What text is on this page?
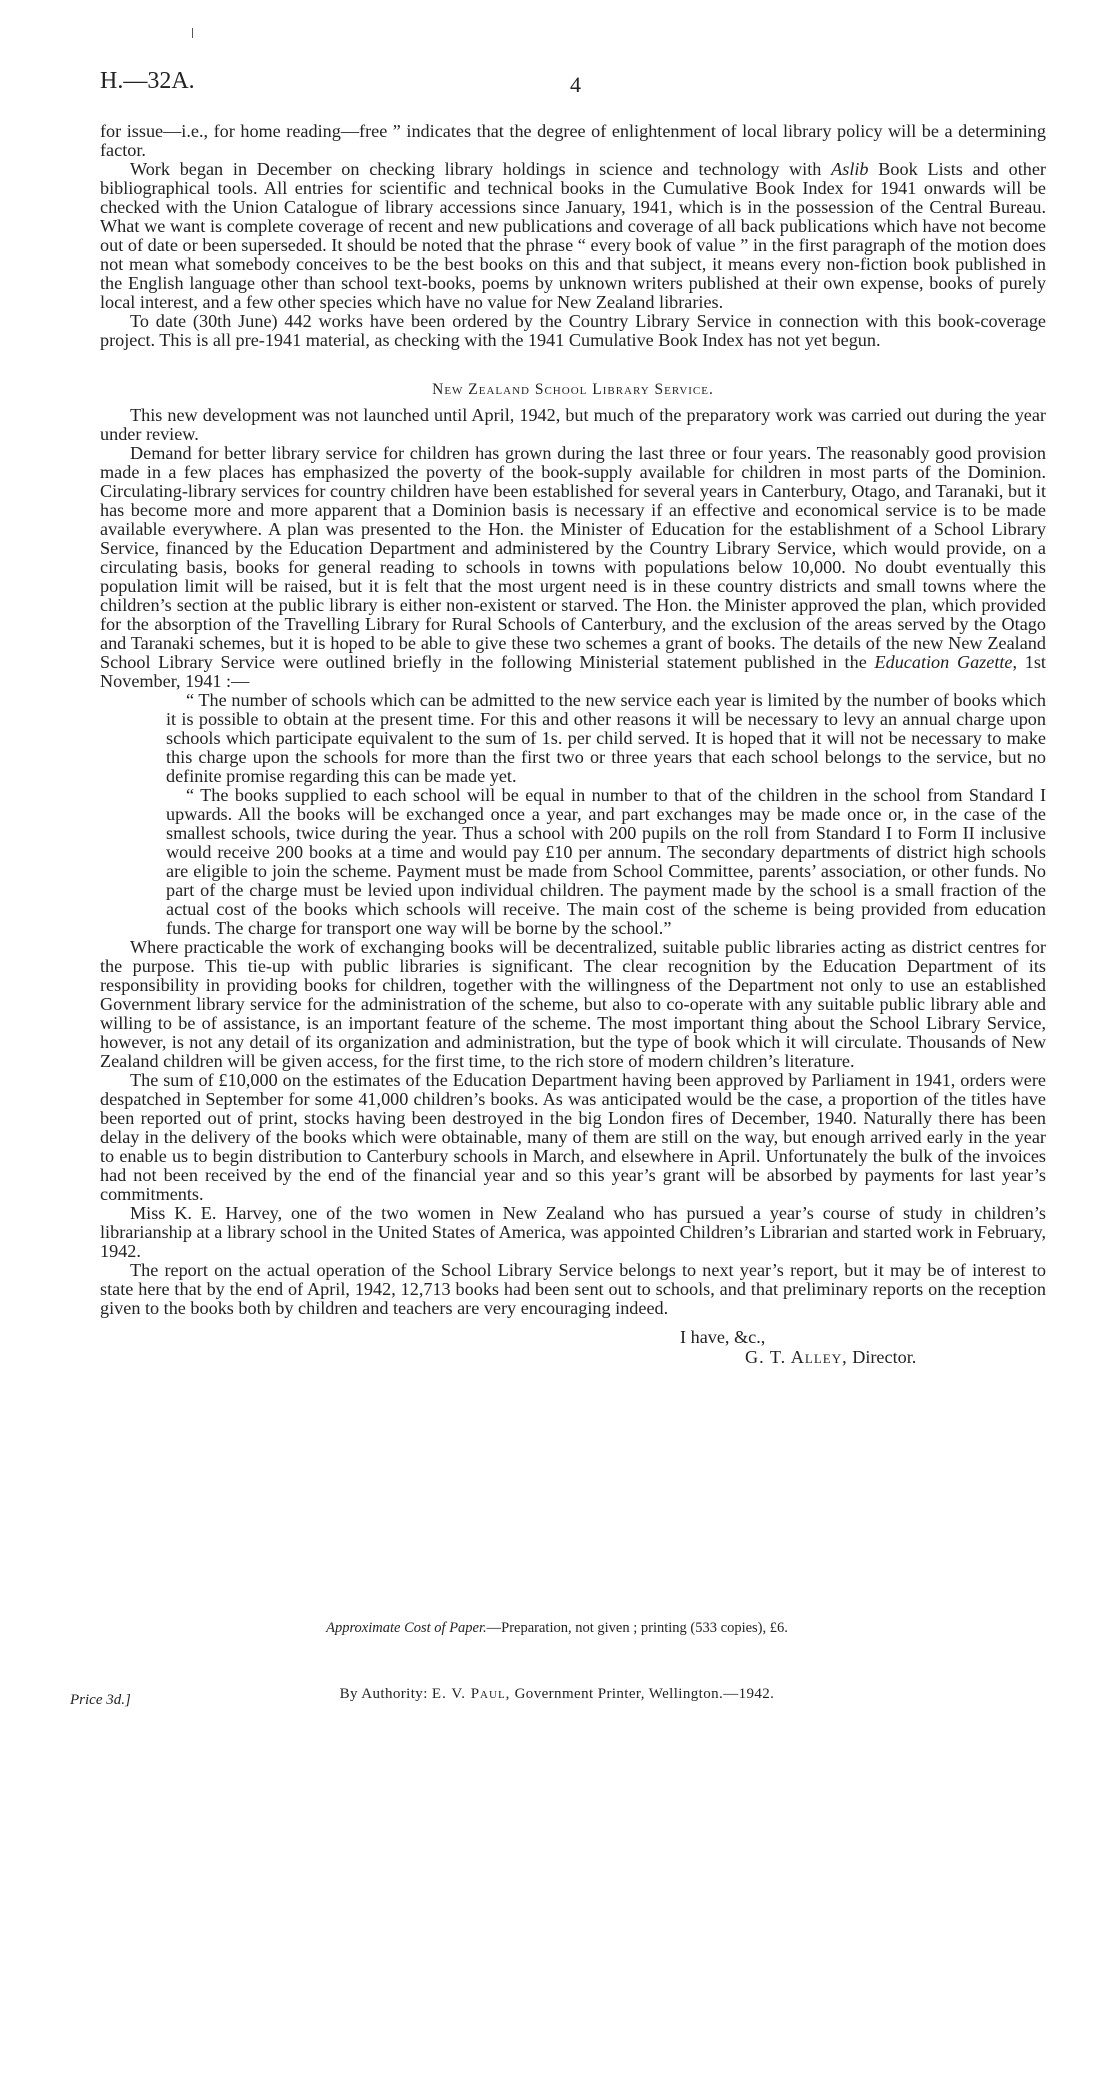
H.—32A.	4

for issue—i.e., for home reading—free ” indicates that the degree of enlightenment of local library policy will be a determining factor.

Work began in December on checking library holdings in science and technology with Aslib Book Lists and other bibliographical tools. All entries for scientific and technical books in the Cumulative Book Index for 1941 onwards will be checked with the Union Catalogue of library accessions since January, 1941, which is in the possession of the Central Bureau. What we want is complete coverage of recent and new publications and coverage of all back publications which have not become out of date or been superseded. It should be noted that the phrase “ every book of value ” in the first paragraph of the motion does not mean what somebody conceives to be the best books on this and that subject, it means every non-fiction book published in the English language other than school text-books, poems by unknown writers published at their own expense, books of purely local interest, and a few other species which have no value for New Zealand libraries.

To date (30th June) 442 works have been ordered by the Country Library Service in connection with this book-coverage project. This is all pre-1941 material, as checking with the 1941 Cumulative Book Index has not yet begun.

New Zealand School Library Service.

This new development was not launched until April, 1942, but much of the preparatory work was carried out during the year under review.

Demand for better library service for children has grown during the last three or four years. The reasonably good provision made in a few places has emphasized the poverty of the book-supply available for children in most parts of the Dominion. Circulating-library services for country children have been established for several years in Canterbury, Otago, and Taranaki, but it has become more and more apparent that a Dominion basis is necessary if an effective and economical service is to be made available everywhere. A plan was presented to the Hon. the Minister of Education for the establishment of a School Library Service, financed by the Education Department and administered by the Country Library Service, which would provide, on a circulating basis, books for general reading to schools in towns with populations below 10,000. No doubt eventually this population limit will be raised, but it is felt that the most urgent need is in these country districts and small towns where the children’s section at the public library is either non-existent or starved. The Hon. the Minister approved the plan, which provided for the absorption of the Travelling Library for Rural Schools of Canterbury, and the exclusion of the areas served by the Otago and Taranaki schemes, but it is hoped to be able to give these two schemes a grant of books. The details of the new New Zealand School Library Service were outlined briefly in the following Ministerial statement published in the Education Gazette, 1st November, 1941 :—

“ The number of schools which can be admitted to the new service each year is limited by the number of books which it is possible to obtain at the present time. For this and other reasons it will be necessary to levy an annual charge upon schools which participate equivalent to the sum of 1s. per child served. It is hoped that it will not be necessary to make this charge upon the schools for more than the first two or three years that each school belongs to the service, but no definite promise regarding this can be made yet.

“ The books supplied to each school will be equal in number to that of the children in the school from Standard I upwards. All the books will be exchanged once a year, and part exchanges may be made once or, in the case of the smallest schools, twice during the year. Thus a school with 200 pupils on the roll from Standard I to Form II inclusive would receive 200 books at a time and would pay £10 per annum. The secondary departments of district high schools are eligible to join the scheme. Payment must be made from School Committee, parents’ association, or other funds. No part of the charge must be levied upon individual children. The payment made by the school is a small fraction of the actual cost of the books which schools will receive. The main cost of the scheme is being provided from education funds. The charge for transport one way will be borne by the school.”

Where practicable the work of exchanging books will be decentralized, suitable public libraries acting as district centres for the purpose. This tie-up with public libraries is significant. The clear recognition by the Education Department of its responsibility in providing books for children, together with the willingness of the Department not only to use an established Government library service for the administration of the scheme, but also to co-operate with any suitable public library able and willing to be of assistance, is an important feature of the scheme. The most important thing about the School Library Service, however, is not any detail of its organization and administration, but the type of book which it will circulate. Thousands of New Zealand children will be given access, for the first time, to the rich store of modern children’s literature.

The sum of £10,000 on the estimates of the Education Department having been approved by Parliament in 1941, orders were despatched in September for some 41,000 children’s books. As was anticipated would be the case, a proportion of the titles have been reported out of print, stocks having been destroyed in the big London fires of December, 1940. Naturally there has been delay in the delivery of the books which were obtainable, many of them are still on the way, but enough arrived early in the year to enable us to begin distribution to Canterbury schools in March, and elsewhere in April. Unfortunately the bulk of the invoices had not been received by the end of the financial year and so this year’s grant will be absorbed by payments for last year’s commitments.

Miss K. E. Harvey, one of the two women in New Zealand who has pursued a year’s course of study in children’s librarianship at a library school in the United States of America, was appointed Children’s Librarian and started work in February, 1942.

The report on the actual operation of the School Library Service belongs to next year’s report, but it may be of interest to state here that by the end of April, 1942, 12,713 books had been sent out to schools, and that preliminary reports on the reception given to the books both by children and teachers are very encouraging indeed.

I have, &c.,
G. T. Alley, Director.
Approximate Cost of Paper.—Preparation, not given ; printing (533 copies), £6.
Price 3d.]	By Authority: E. V. Paul, Government Printer, Wellington.—1942.
